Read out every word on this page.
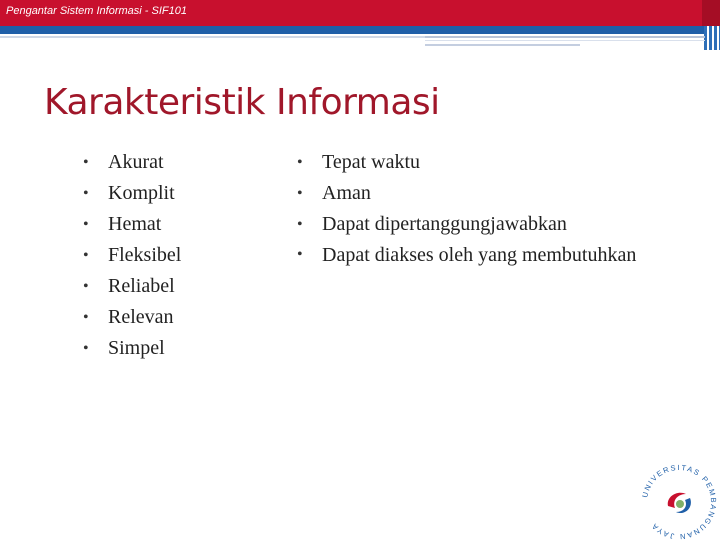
Pengantar Sistem Informasi - SIF101
Karakteristik Informasi
• Akurat
• Komplit
• Hemat
• Fleksibel
• Reliabel
• Relevan
• Simpel
• Tepat waktu
• Aman
• Dapat dipertanggungjawabkan
• Dapat diakses oleh yang membutuhkan
UNIVERSITAS PEMBANGUNAN JAYA
